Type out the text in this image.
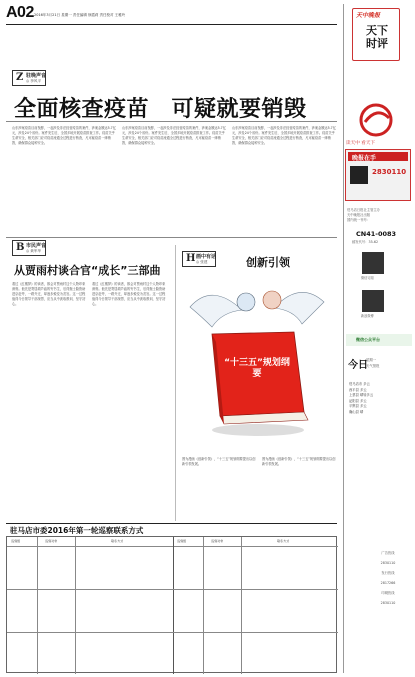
A02 2016年3月21日 星期一 责任编辑 徐霞莉 责任校对 王雅玲
Z 驻晚声音
◎ 李风平
全面核查疫苗　可疑就要销毁
山东涉案疫苗目前发酵，一起涉及非法经营疫苗的案件，涉案金额达5.7亿元，涉及24个省份。案件发生后，全国多地开展疫苗排查工作。疫苗关乎生命安全，相关部门应对疫苗流通全过程进行核查，凡可疑疫苗一律销毁，确保群众接种安全。
山东涉案疫苗目前发酵，一起涉及非法经营疫苗的案件，涉案金额达5.7亿元，涉及24个省份。案件发生后，全国多地开展疫苗排查工作。疫苗关乎生命安全，相关部门应对疫苗流通全过程进行核查，凡可疑疫苗一律销毁，确保群众接种安全。
山东涉案疫苗目前发酵，一起涉及非法经营疫苗的案件，涉案金额达5.7亿元，涉及24个省份。案件发生后，全国多地开展疫苗排查工作。疫苗关乎生命安全，相关部门应对疫苗流通全过程进行核查，凡可疑疫苗一律销毁，确保群众接种安全。
B 市民声音
◎ 黄军华
从贾雨村谈合官“成长”三部曲
看过《红楼梦》的读者，都会对贾雨村这个人物印象深刻。他先是寄居葫芦庙的穷书生，后得甄士隐资助进京赶考，一路升迁，却逐步蜕变为贪官。这一过程值得今日领导干部深思，应当从中汲取教训，坚守初心。
看过《红楼梦》的读者，都会对贾雨村这个人物印象深刻。他先是寄居葫芦庙的穷书生，后得甄士隐资助进京赶考，一路升迁，却逐步蜕变为贪官。这一过程值得今日领导干部深思，应当从中汲取教训，坚守初心。
H 画中有话
◎ 张建	创新引领
“十三五”规划纲要
图为漫画《创新引领》，“十三五”规划纲要提出以创新引领发展。
图为漫画《创新引领》，“十三五”规划纲要提出以创新引领发展。
天中晚报
天下
时评
读天中 看天下
晚报在手
2830110
驻马店日报社主管主办
天中晚报社出版
国内统一刊号：
CN41-0083
邮发代号：35-62
微信订阅
新浪微博
微信公众平台
今日
星期一
天气预报
驻马店市 多云
西平县 多云
上蔡县 晴转多云
泌阳县 多云
平舆县 多云
确山县 晴
广告热线
2830110
发行热线
2817266
印刷热线
2830110
驻马店市委2016年第一轮巡察联系方式
巡察组	巡察对象	联系方式	巡察组	巡察对象	联系方式
